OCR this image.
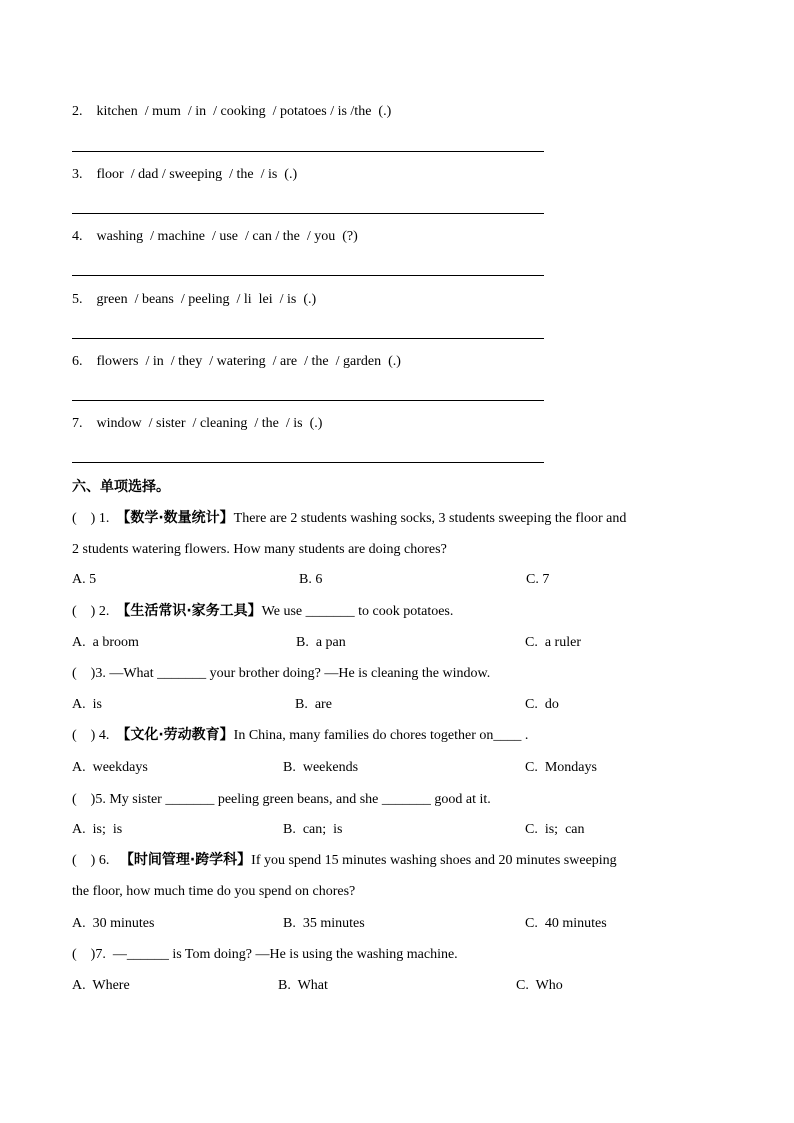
2. kitchen  / mum  / in  / cooking  / potatoes / is /the  (.)
3. floor  / dad / sweeping  / the  / is  (.)
4. washing  / machine  / use  / can / the  / you  (?)
5. green  / beans  / peeling  / li  lei  / is  (.)
6. flowers  / in  / they  / watering  / are  / the  / garden  (.)
7. window  / sister  / cleaning  / the  / is  (.)
六、单项选择。
(    ) 1.  【数学·数量统计】There are 2 students washing socks, 3 students sweeping the floor and
2 students watering flowers. How many students are doing chores?
A. 5	B. 6	C. 7
(    ) 2.  【生活常识·家务工具】We use _______ to cook potatoes.
A.  a broom	B.  a pan	C.  a ruler
(    )3. —What _______ your brother doing? —He is cleaning the window.
A.  is	B.  are	C.  do
(    ) 4.  【文化·劳动教育】In China, many families do chores together on____ .
A.  weekdays	B.  weekends	C.  Mondays
(    )5. My sister _______ peeling green beans, and she _______ good at it.
A.  is;  is	B.  can;  is	C.  is;  can
(    ) 6.   【时间管理·跨学科】If you spend 15 minutes washing shoes and 20 minutes sweeping
the floor, how much time do you spend on chores?
A.  30 minutes	B.  35 minutes	C.  40 minutes
(    )7.  —______ is Tom doing? —He is using the washing machine.
A.  Where	B.  What	C.  Who
